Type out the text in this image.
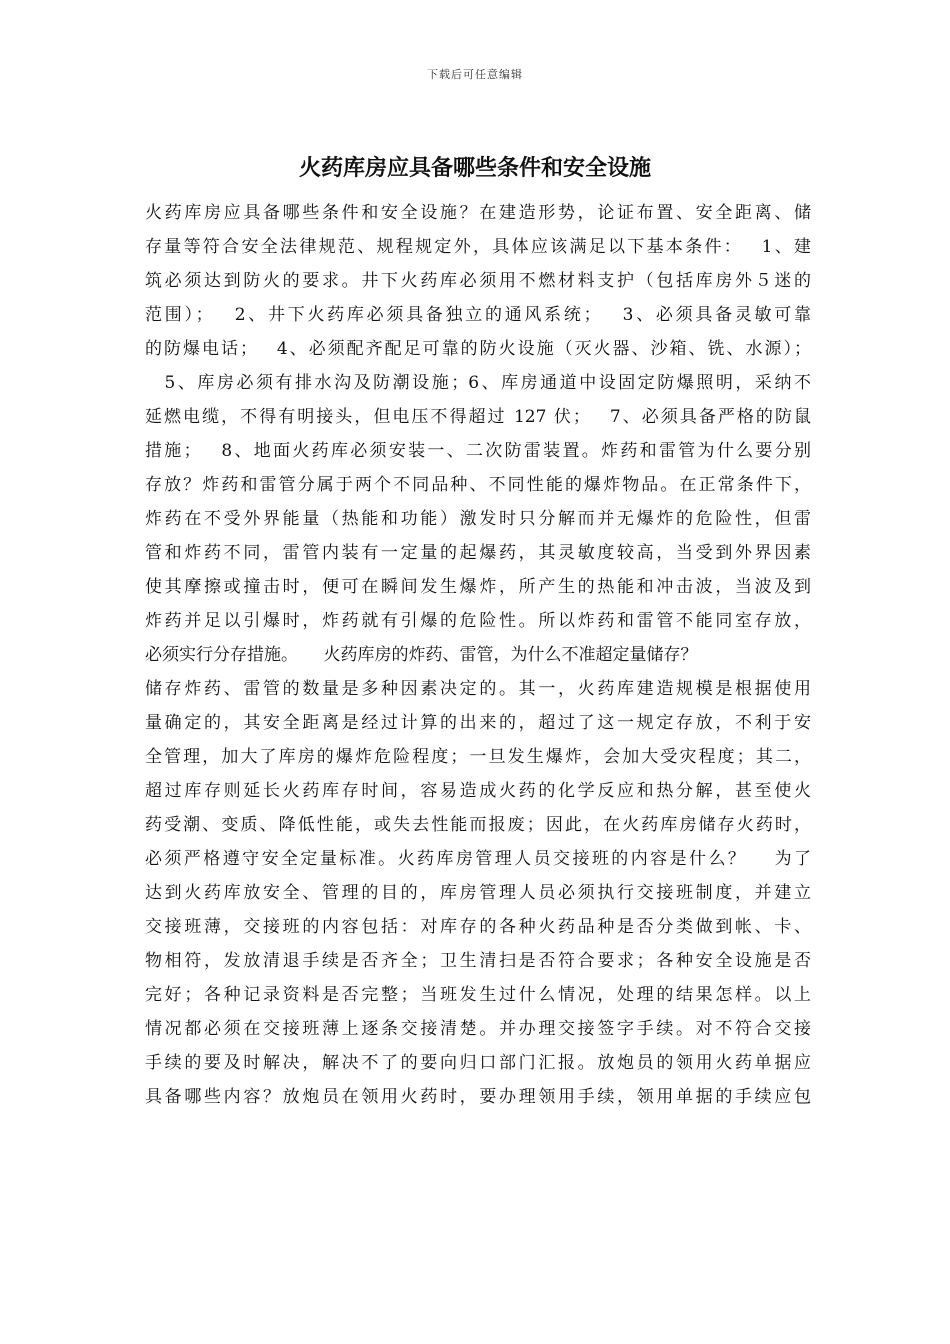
下载后可任意编辑
火药库房应具备哪些条件和安全设施
火药库房应具备哪些条件和安全设施？在建造形势，论证布置、安全距离、储
存量等符合安全法律规范、规程规定外，具体应该满足以下基本条件：　 1、建
筑必须达到防火的要求。井下火药库必须用不燃材料支护（包括库房外５迷的
范围）；　 2、井下火药库必须具备独立的通风系统；　 3、必须具备灵敏可靠
的防爆电话；　 4、必须配齐配足可靠的防火设施（灭火器、沙箱、铣、水源）；
　5、库房必须有排水沟及防潮设施；6、库房通道中设固定防爆照明，采纳不
延燃电缆，不得有明接头，但电压不得超过 127 伏；　 7、必须具备严格的防鼠
措施；　 8、地面火药库必须安装一、二次防雷装置。炸药和雷管为什么要分别
存放？炸药和雷管分属于两个不同品种、不同性能的爆炸物品。在正常条件下，
炸药在不受外界能量（热能和功能）激发时只分解而并无爆炸的危险性，但雷
管和炸药不同，雷管内装有一定量的起爆药，其灵敏度较高，当受到外界因素
使其摩擦或撞击时，便可在瞬间发生爆炸，所产生的热能和冲击波，当波及到
炸药并足以引爆时，炸药就有引爆的危险性。所以炸药和雷管不能同室存放，
必须实行分存措施。　　火药库房的炸药、雷管，为什么不准超定量储存？
储存炸药、雷管的数量是多种因素决定的。其一，火药库建造规模是根据使用
量确定的，其安全距离是经过计算的出来的，超过了这一规定存放，不利于安
全管理，加大了库房的爆炸危险程度；一旦发生爆炸，会加大受灾程度；其二，
超过库存则延长火药库存时间，容易造成火药的化学反应和热分解，甚至使火
药受潮、变质、降低性能，或失去性能而报废；因此，在火药库房储存火药时，
必须严格遵守安全定量标准。火药库房管理人员交接班的内容是什么？　 为了
达到火药库放安全、管理的目的，库房管理人员必须执行交接班制度，并建立
交接班薄，交接班的内容包括：对库存的各种火药品种是否分类做到帐、卡、
物相符，发放清退手续是否齐全；卫生清扫是否符合要求；各种安全设施是否
完好；各种记录资料是否完整；当班发生过什么情况，处理的结果怎样。以上
情况都必须在交接班薄上逐条交接清楚。并办理交接签字手续。对不符合交接
手续的要及时解决，解决不了的要向归口部门汇报。放炮员的领用火药单据应
具备哪些内容？放炮员在领用火药时，要办理领用手续，领用单据的手续应包
